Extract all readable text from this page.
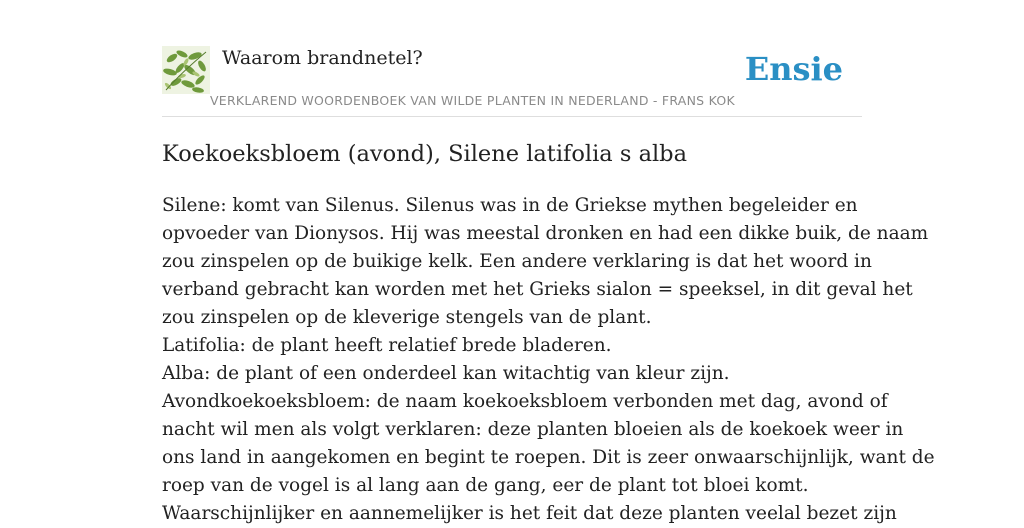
Waarom brandnetel?
VERKLAREND WOORDENBOEK VAN WILDE PLANTEN IN NEDERLAND - FRANS KOK
Ensie
Koekoeksbloem (avond), Silene latifolia s alba

Silene: komt van Silenus. Silenus was in de Griekse mythen begeleider en

opvoeder van Dionysos. Hij was meestal dronken en had een dikke buik, de naam

zou zinspelen op de buikige kelk. Een andere verklaring is dat het woord in

verband gebracht kan worden met het Grieks sialon = speeksel, in dit geval het

zou zinspelen op de kleverige stengels van de plant.

Latifolia: de plant heeft relatief brede bladeren.

Alba: de plant of een onderdeel kan witachtig van kleur zijn.

Avondkoekoeksbloem: de naam koekoeksbloem verbonden met dag, avond of

nacht wil men als volgt verklaren: deze planten bloeien als de koekoek weer in

ons land in aangekomen en begint te roepen. Dit is zeer onwaarschijnlijk, want de

roep van de vogel is al lang aan de gang, eer de plant tot bloei komt.

Waarschijnlijker en aannemelijker is het feit dat deze planten veelal bezet zijn
